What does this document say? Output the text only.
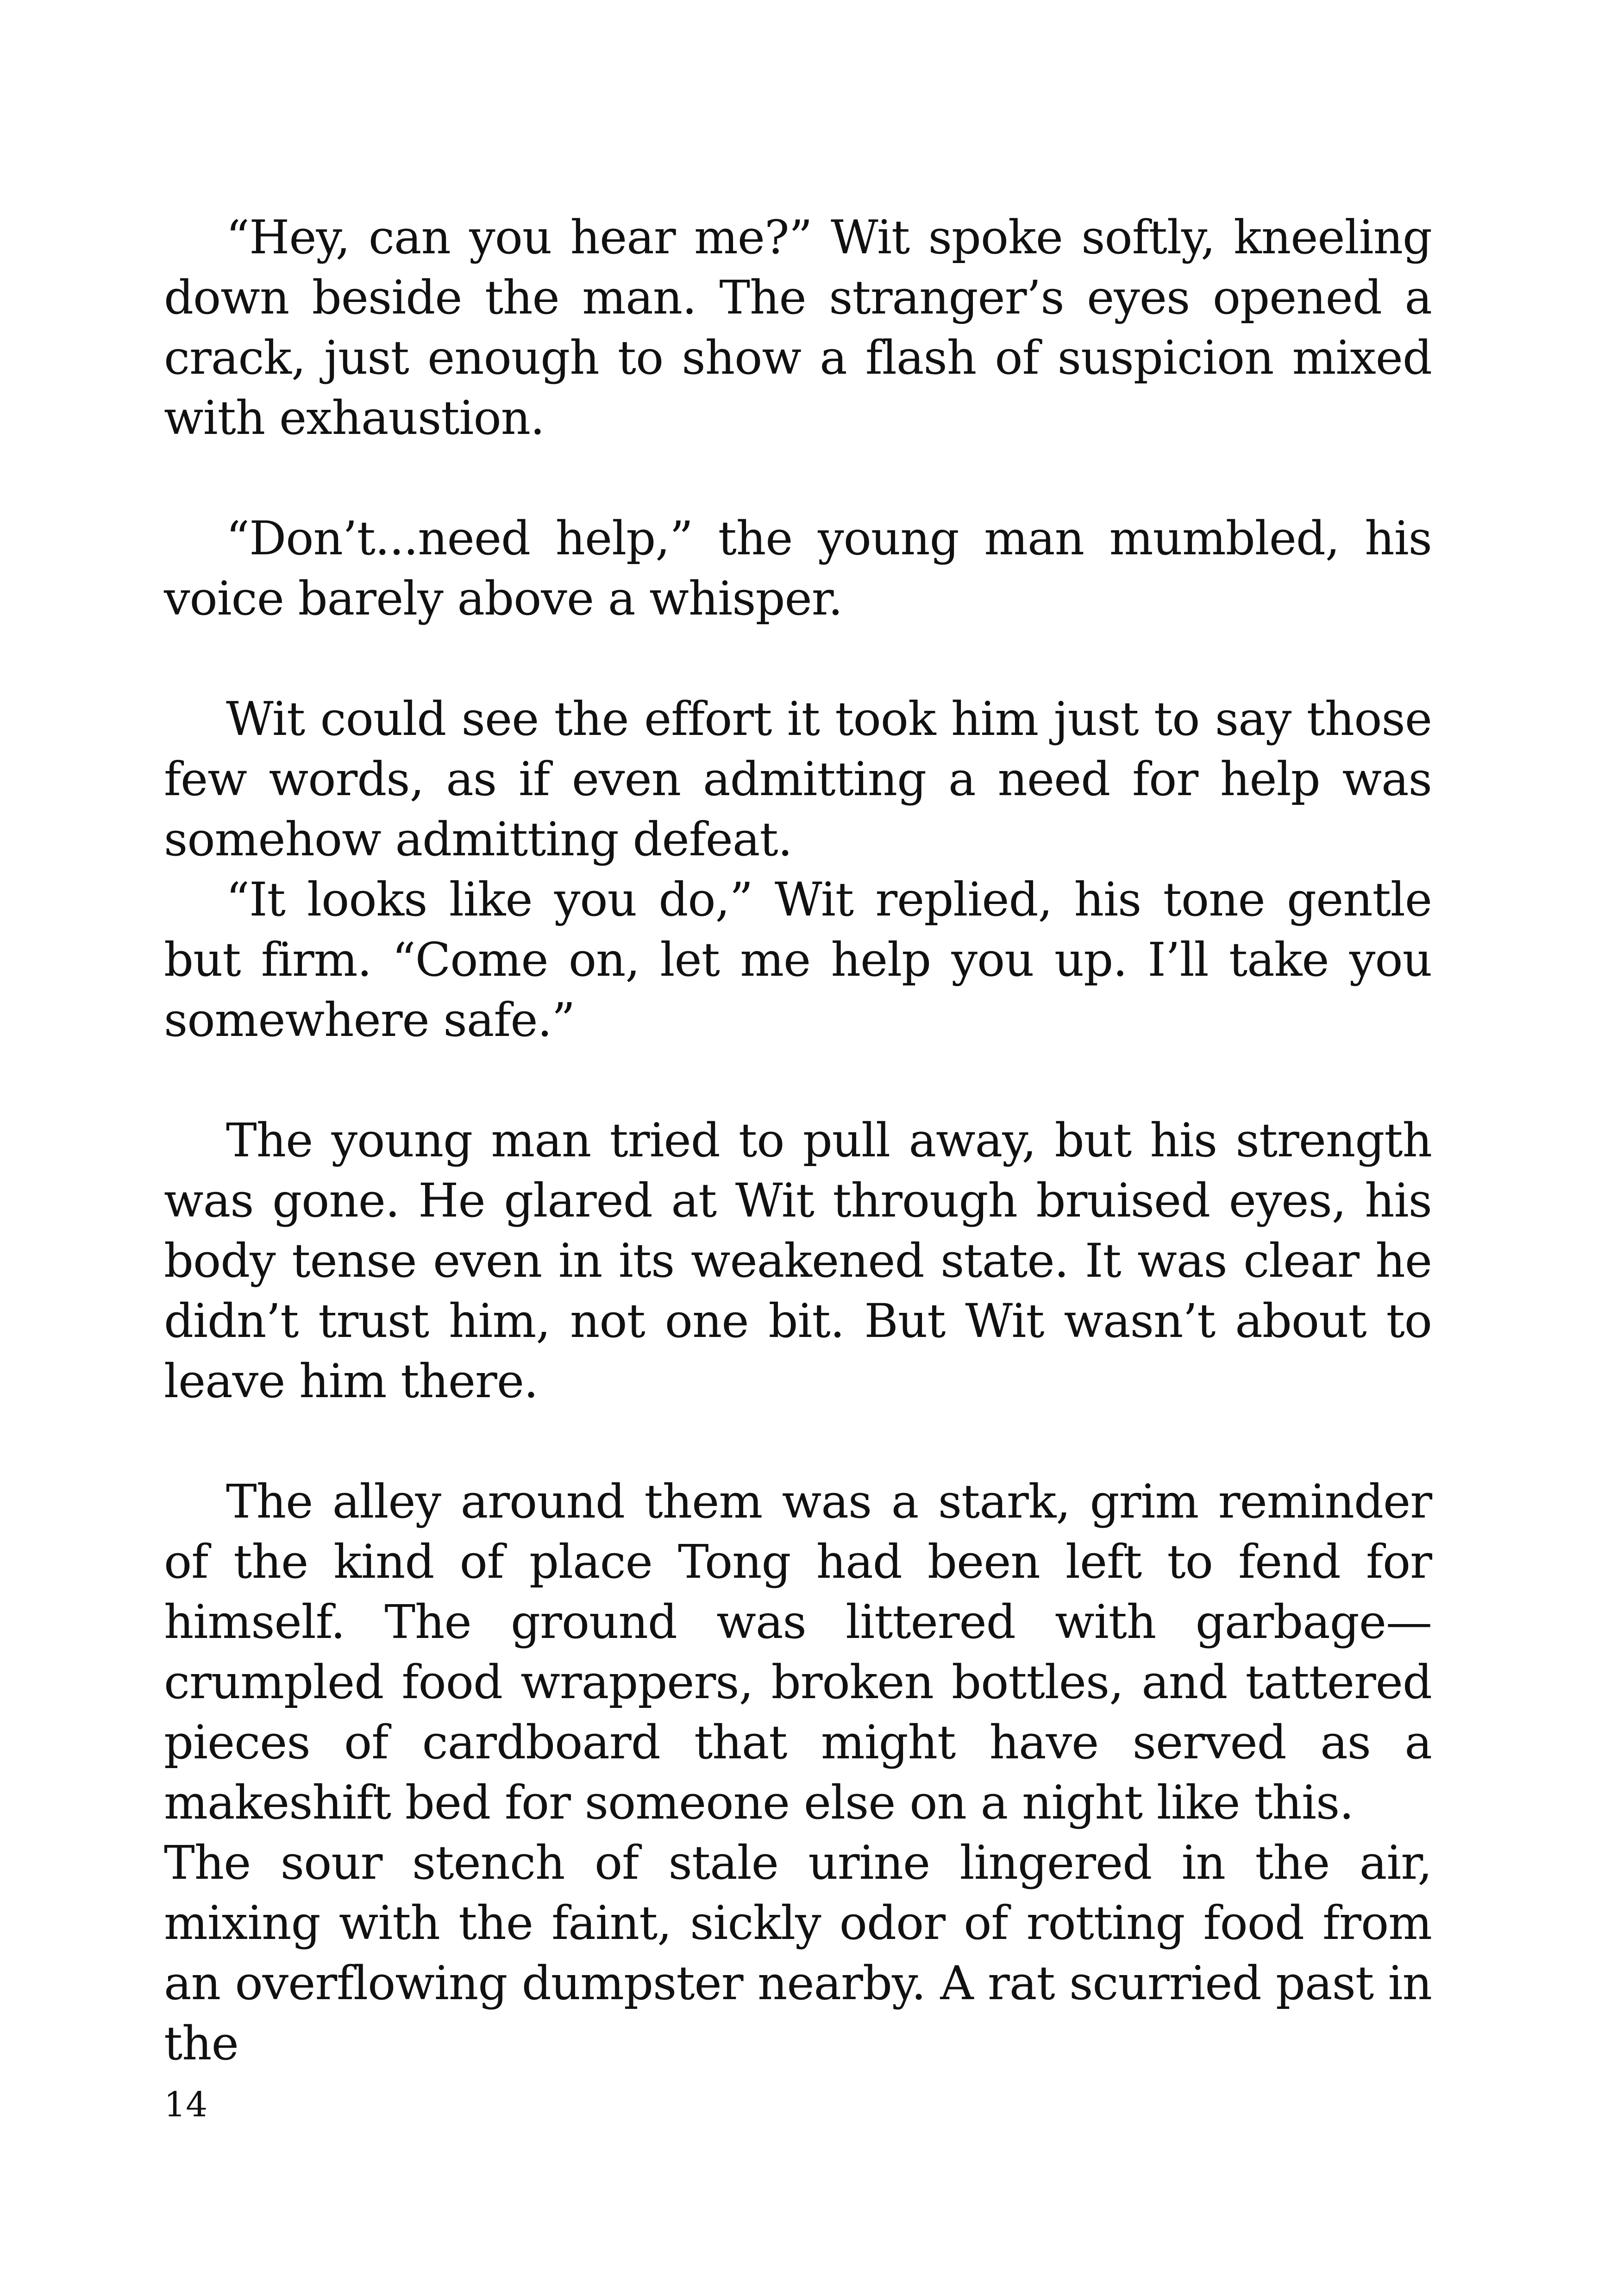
“Hey, can you hear me?” Wit spoke softly, kneeling down beside the man. The stranger’s eyes opened a crack, just enough to show a flash of suspicion mixed with exhaustion.

“Don’t...need help,” the young man mumbled, his voice barely above a whisper.

Wit could see the effort it took him just to say those few words, as if even admitting a need for help was somehow admitting defeat.

“It looks like you do,” Wit replied, his tone gentle but firm. “Come on, let me help you up. I’ll take you somewhere safe.”

The young man tried to pull away, but his strength was gone. He glared at Wit through bruised eyes, his body tense even in its weakened state. It was clear he didn’t trust him, not one bit. But Wit wasn’t about to leave him there.

The alley around them was a stark, grim reminder of the kind of place Tong had been left to fend for himself. The ground was littered with garbage—crumpled food wrappers, broken bottles, and tattered pieces of cardboard that might have served as a makeshift bed for someone else on a night like this.

The sour stench of stale urine lingered in the air, mixing with the faint, sickly odor of rotting food from an overflowing dumpster nearby. A rat scurried past in the

14
